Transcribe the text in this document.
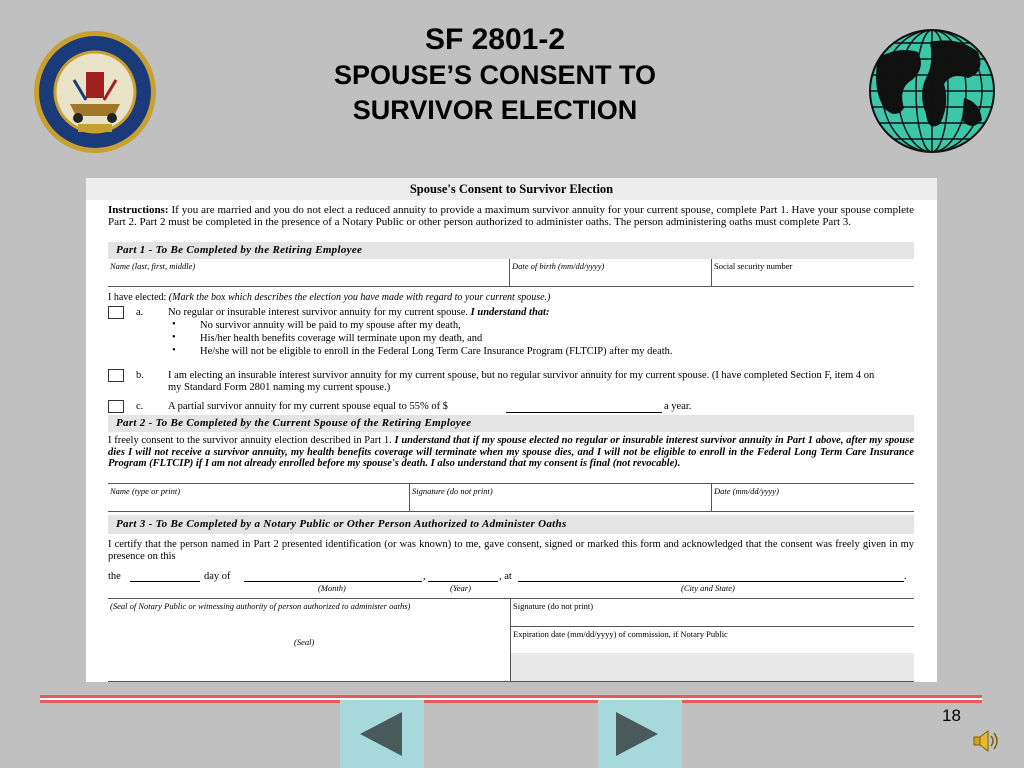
SF 2801-2
SPOUSE’S CONSENT TO
SURVIVOR ELECTION
Spouse's Consent to Survivor Election
Instructions: If you are married and you do not elect a reduced annuity to provide a maximum survivor annuity for your current spouse, complete Part 1. Have your spouse complete Part 2. Part 2 must be completed in the presence of a Notary Public or other person authorized to administer oaths. The person administering oaths must complete Part 3.
Part 1 - To Be Completed by the Retiring Employee
Name (last, first, middle)	Date of birth (mm/dd/yyyy)	Social security number
I have elected: (Mark the box which describes the election you have made with regard to your current spouse.)
a. No regular or insurable interest survivor annuity for my current spouse. I understand that:
• No survivor annuity will be paid to my spouse after my death,
• His/her health benefits coverage will terminate upon my death, and
• He/she will not be eligible to enroll in the Federal Long Term Care Insurance Program (FLTCIP) after my death.
b. I am electing an insurable interest survivor annuity for my current spouse, but no regular survivor annuity for my current spouse. (I have completed Section F, item 4 on my Standard Form 2801 naming my current spouse.)
c. A partial survivor annuity for my current spouse equal to 55% of $	a year.
Part 2 - To Be Completed by the Current Spouse of the Retiring Employee
I freely consent to the survivor annuity election described in Part 1. I understand that if my spouse elected no regular or insurable interest survivor annuity in Part 1 above, after my spouse dies I will not receive a survivor annuity, my health benefits coverage will terminate when my spouse dies, and I will not be eligible to enroll in the Federal Long Term Care Insurance Program (FLTCIP) if I am not already enrolled before my spouse's death. I also understand that my consent is final (not revocable).
Name (type or print)	Signature (do not print)	Date (mm/dd/yyyy)
Part 3 - To Be Completed by a Notary Public or Other Person Authorized to Administer Oaths
I certify that the person named in Part 2 presented identification (or was known) to me, gave consent, signed or marked this form and acknowledged that the consent was freely given in my presence on this
the	day of	,	, at	.
(Month)	(Year)	(City and State)
(Seal of Notary Public or witnessing authority of person authorized to administer oaths)	Signature (do not print)
Expiration date (mm/dd/yyyy) of commission, if Notary Public
(Seal)
18
